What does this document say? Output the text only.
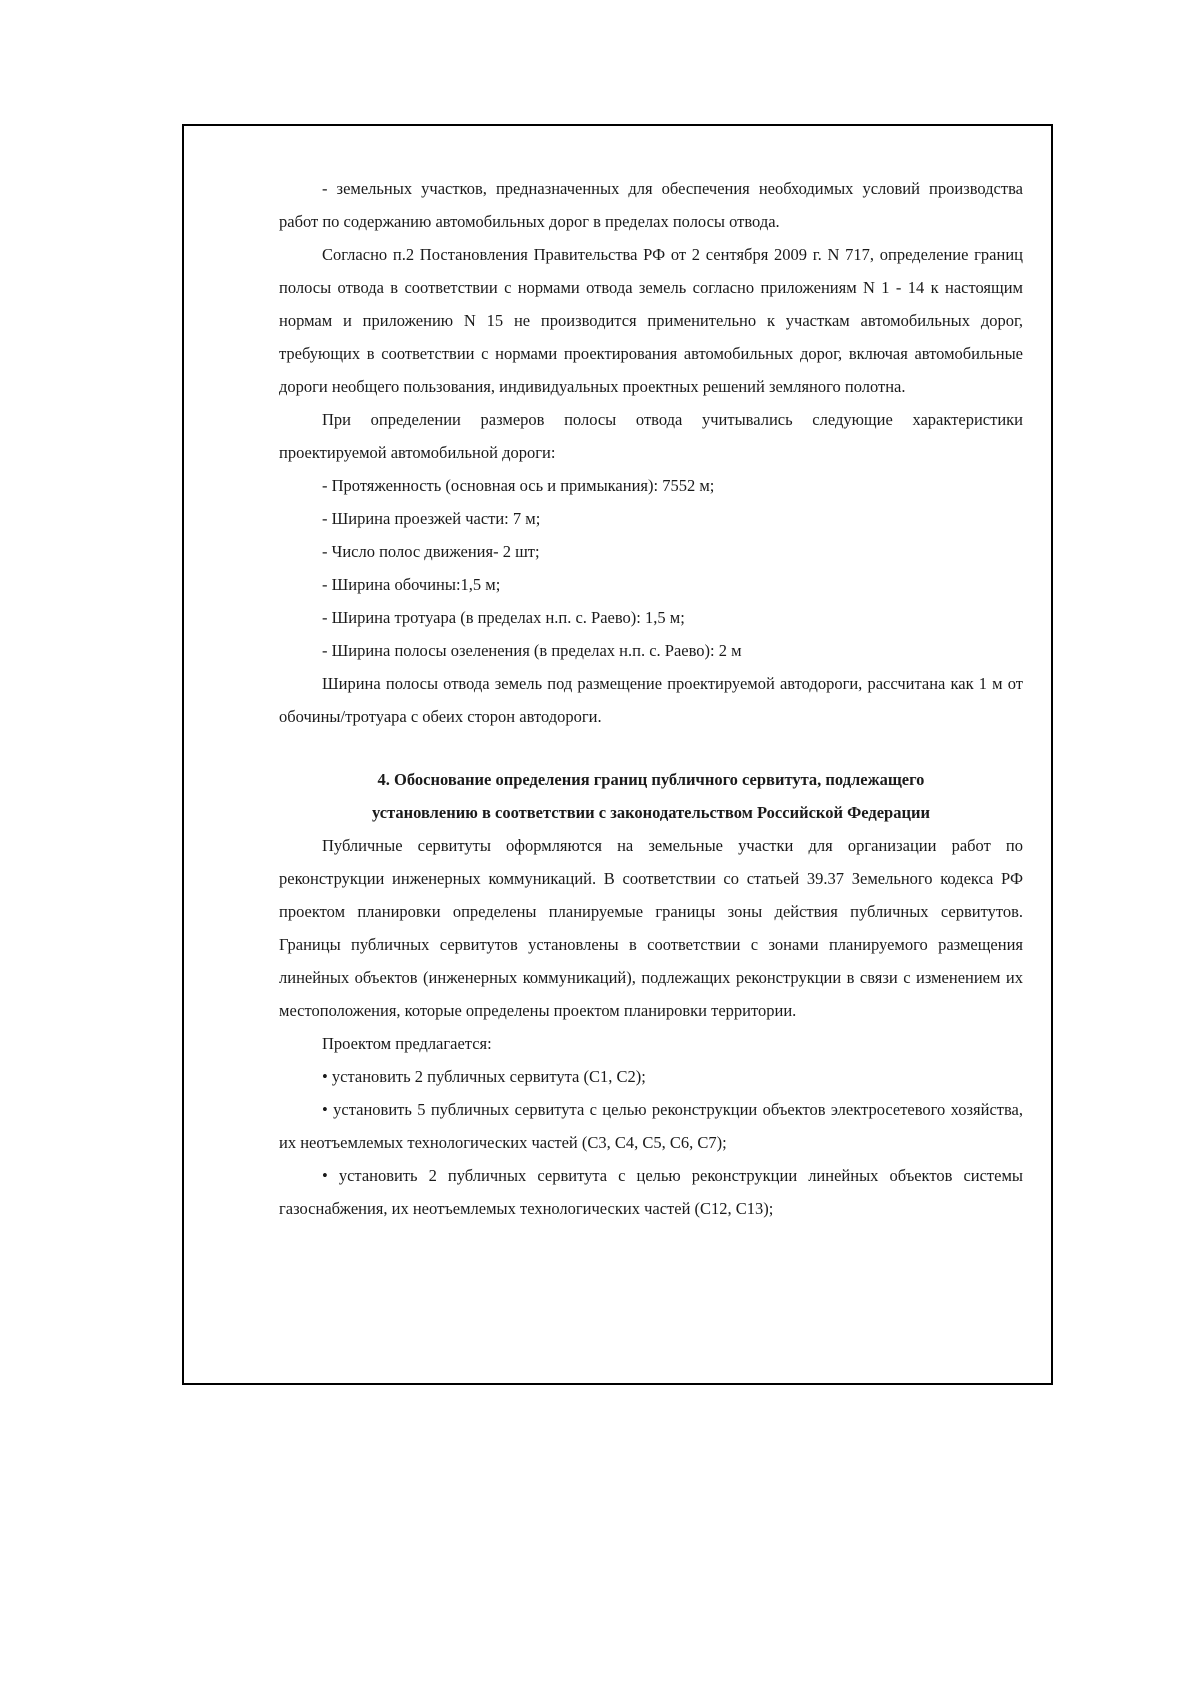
- земельных участков, предназначенных для обеспечения необходимых условий производства работ по содержанию автомобильных дорог в пределах полосы отвода.

Согласно п.2 Постановления Правительства РФ от 2 сентября 2009 г. N 717, определение границ полосы отвода в соответствии с нормами отвода земель согласно приложениям N 1 - 14 к настоящим нормам и приложению N 15 не производится применительно к участкам автомобильных дорог, требующих в соответствии с нормами проектирования автомобильных дорог, включая автомобильные дороги необщего пользования, индивидуальных проектных решений земляного полотна.

При определении размеров полосы отвода учитывались следующие характеристики проектируемой автомобильной дороги:

- Протяженность (основная ось и примыкания): 7552 м;

- Ширина проезжей части: 7 м;

- Число полос движения- 2 шт;

- Ширина обочины:1,5 м;

- Ширина тротуара (в пределах н.п. с. Раево): 1,5 м;

- Ширина полосы озеленения (в пределах н.п. с. Раево): 2 м

Ширина полосы отвода земель под размещение проектируемой автодороги, рассчитана как 1 м от обочины/тротуара с обеих сторон автодороги.

4. Обоснование определения границ публичного сервитута, подлежащего
установлению в соответствии с законодательством Российской Федерации

Публичные сервитуты оформляются на земельные участки для организации работ по реконструкции инженерных коммуникаций. В соответствии со статьей 39.37 Земельного кодекса РФ проектом планировки определены планируемые границы зоны действия публичных сервитутов. Границы публичных сервитутов установлены в соответствии с зонами планируемого размещения линейных объектов (инженерных коммуникаций), подлежащих реконструкции в связи с изменением их местоположения, которые определены проектом планировки территории.

Проектом предлагается:

• установить 2 публичных сервитута (С1, С2);

• установить 5 публичных сервитута с целью реконструкции объектов электросетевого хозяйства, их неотъемлемых технологических частей (С3, С4, С5, С6, С7);

• установить 2 публичных сервитута с целью реконструкции линейных объектов системы газоснабжения, их неотъемлемых технологических частей (С12, С13);
